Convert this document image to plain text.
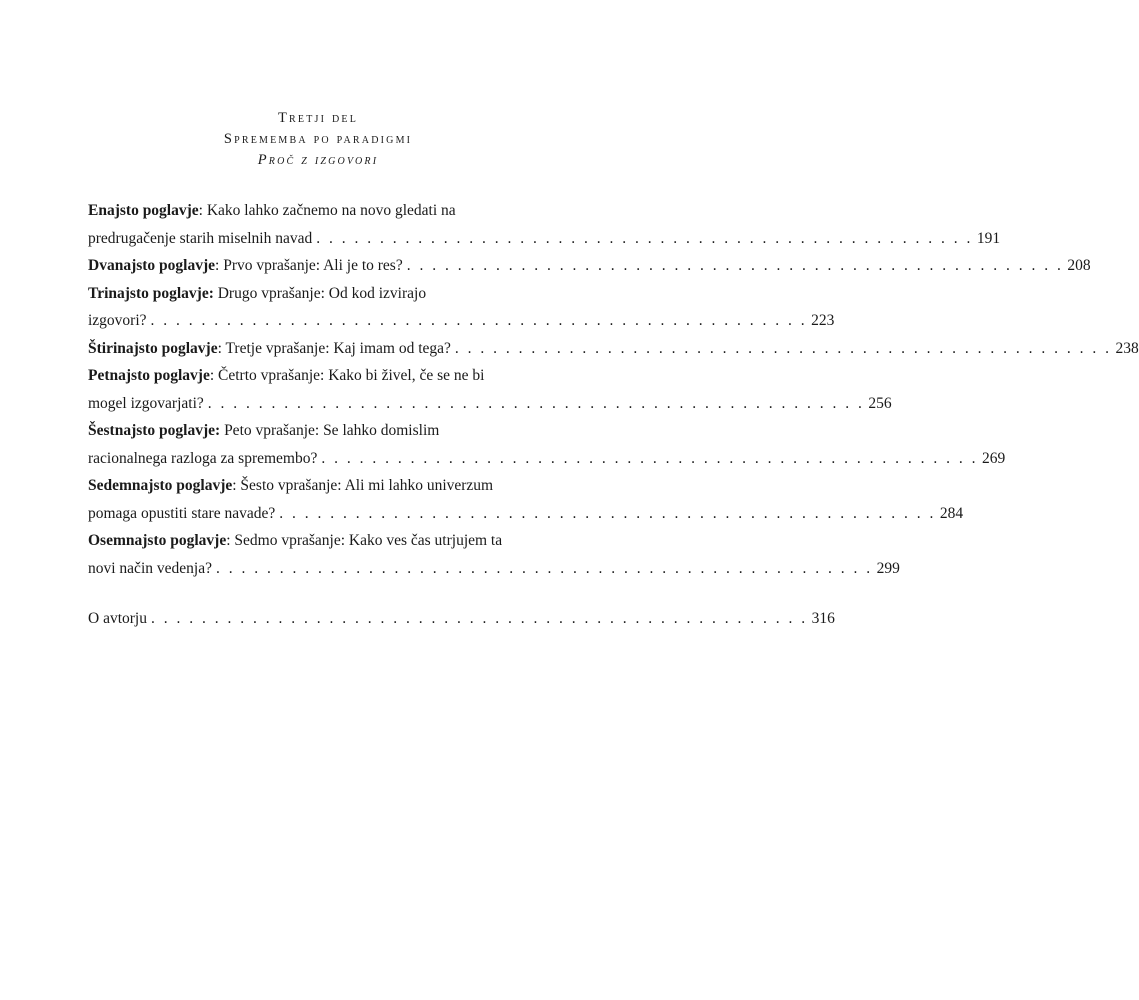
Tretji del
Sprememba po paradigmi
Proč z izgovori
Enajsto poglavje: Kako lahko začnemo na novo gledati na
predrugačenje starih miselnih navad . . . . . . . . . . . . . . . . . . . . . . . . . . . . . . . . . . . . . . . . . . . . . . . . . . . . 191
Dvanajsto poglavje: Prvo vprašanje: Ali je to res? . . . . . . . . . . . . . . . . . . . . . . . . . . . . . . . . . . . . . . . . . . . . . . . . . . . . 208
Trinajsto poglavje: Drugo vprašanje: Od kod izvirajo
izgovori? . . . . . . . . . . . . . . . . . . . . . . . . . . . . . . . . . . . . . . . . . . . . . . . . . . . . 223
Štirinajsto poglavje: Tretje vprašanje: Kaj imam od tega? . . . . . . . . . . . . . . . . . . . . . . . . . . . . . . . . . . . . . . . . . . . . . . . . . . . . 238
Petnajsto poglavje: Četrto vprašanje: Kako bi živel, če se ne bi
mogel izgovarjati? . . . . . . . . . . . . . . . . . . . . . . . . . . . . . . . . . . . . . . . . . . . . . . . . . . . . 256
Šestnajsto poglavje: Peto vprašanje: Se lahko domislim
racionalnega razloga za spremembo? . . . . . . . . . . . . . . . . . . . . . . . . . . . . . . . . . . . . . . . . . . . . . . . . . . . . 269
Sedemnajsto poglavje: Šesto vprašanje: Ali mi lahko univerzum
pomaga opustiti stare navade? . . . . . . . . . . . . . . . . . . . . . . . . . . . . . . . . . . . . . . . . . . . . . . . . . . . . 284
Osemnajsto poglavje: Sedmo vprašanje: Kako ves čas utrjujem ta
novi način vedenja? . . . . . . . . . . . . . . . . . . . . . . . . . . . . . . . . . . . . . . . . . . . . . . . . . . . . 299
O avtorju . . . . . . . . . . . . . . . . . . . . . . . . . . . . . . . . . . . . . . . . . . . . . . . . . . . . 316
